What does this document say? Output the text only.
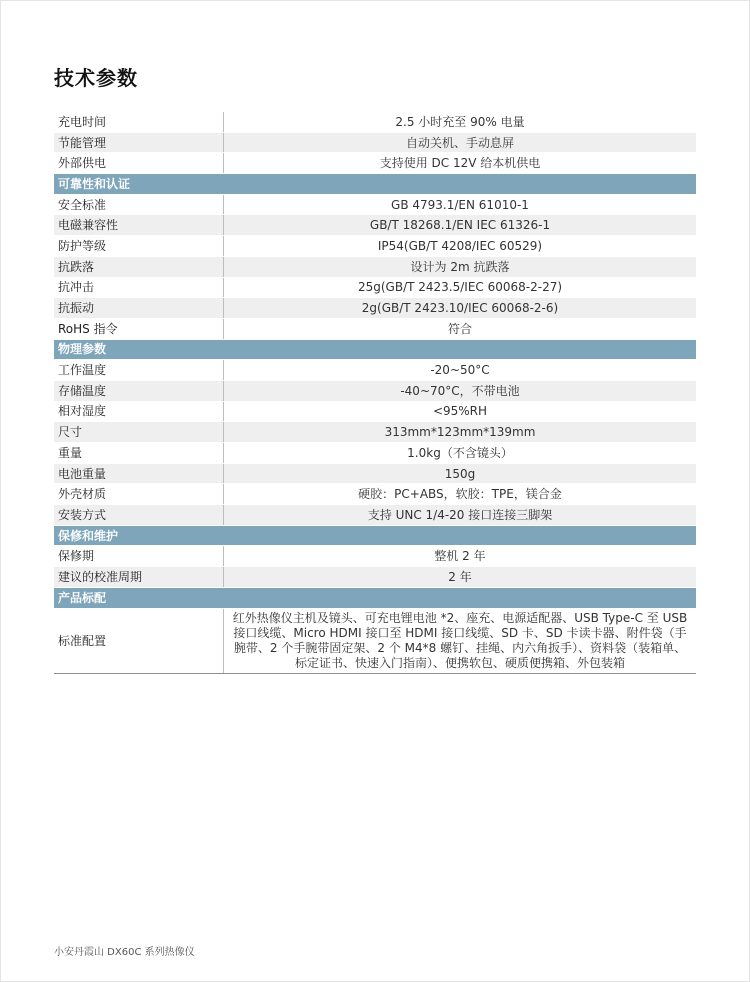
技术参数
充电时间	2.5 小时充至 90% 电量
节能管理	自动关机、手动息屏
外部供电	支持使用 DC 12V 给本机供电
可靠性和认证	
安全标准	GB 4793.1/EN 61010-1
电磁兼容性	GB/T 18268.1/EN IEC 61326-1
防护等级	IP54(GB/T 4208/IEC 60529)
抗跌落	设计为 2m 抗跌落
抗冲击	25g(GB/T 2423.5/IEC 60068-2-27)
抗振动	2g(GB/T 2423.10/IEC 60068-2-6)
RoHS 指令	符合
物理参数	
工作温度	-20~50°C
存储温度	-40~70°C，不带电池
相对湿度	<95%RH
尺寸	313mm*123mm*139mm
重量	1.0kg（不含镜头）
电池重量	150g
外壳材质	硬胶：PC+ABS，软胶：TPE，镁合金
安装方式	支持 UNC 1/4-20 接口连接三脚架
保修和维护	
保修期	整机 2 年
建议的校准周期	2 年
产品标配	
标准配置	红外热像仪主机及镜头、可充电锂电池 *2、座充、电源适配器、USB Type-C 至 USB 接口线缆、Micro HDMI 接口至 HDMI 接口线缆、SD 卡、SD 卡读卡器、附件袋（手腕带、2 个手腕带固定架、2 个 M4*8 螺钉、挂绳、内六角扳手）、资料袋（装箱单、标定证书、快速入门指南）、便携软包、硬质便携箱、外包装箱
小安丹霞山 DX60C 系列热像仪
